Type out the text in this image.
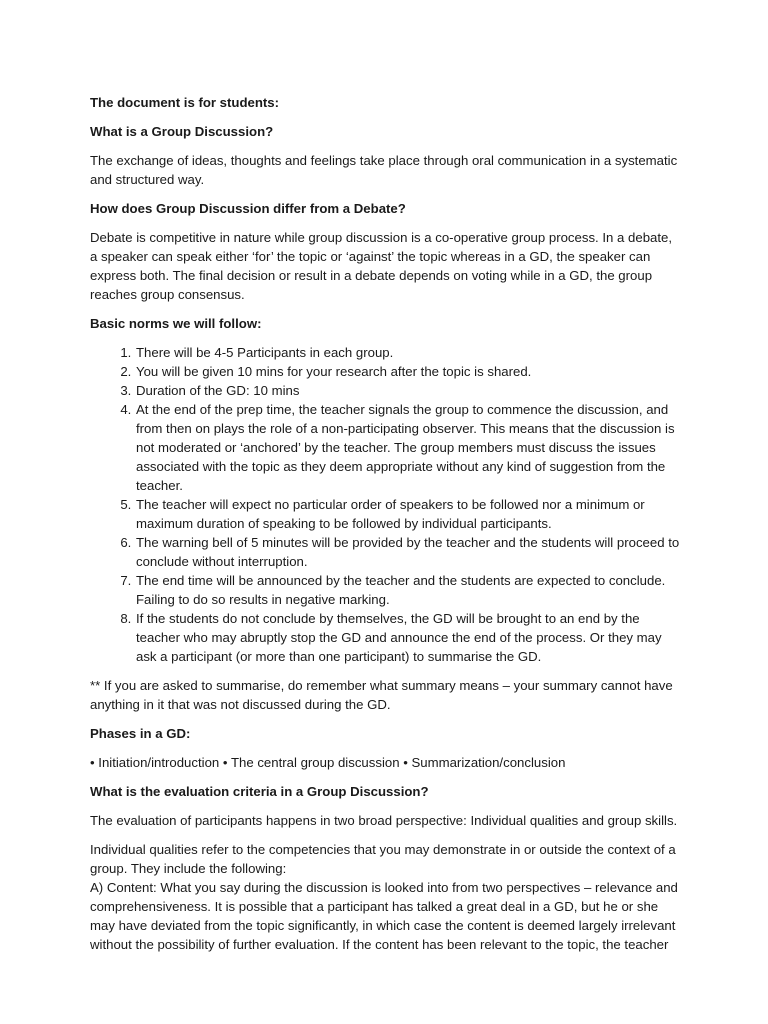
The document is for students:

What is a Group Discussion?

The exchange of ideas, thoughts and feelings take place through oral communication in a systematic and structured way.

How does Group Discussion differ from a Debate?

Debate is competitive in nature while group discussion is a co-operative group process. In a debate, a speaker can speak either ‘for’ the topic or ‘against’ the topic whereas in a GD, the speaker can express both. The final decision or result in a debate depends on voting while in a GD, the group reaches group consensus.

Basic norms we will follow:

1. There will be 4-5 Participants in each group.
2. You will be given 10 mins for your research after the topic is shared.
3. Duration of the GD: 10 mins
4. At the end of the prep time, the teacher signals the group to commence the discussion, and from then on plays the role of a non-participating observer. This means that the discussion is not moderated or ‘anchored’ by the teacher. The group members must discuss the issues associated with the topic as they deem appropriate without any kind of suggestion from the teacher.
5. The teacher will expect no particular order of speakers to be followed nor a minimum or maximum duration of speaking to be followed by individual participants.
6. The warning bell of 5 minutes will be provided by the teacher and the students will proceed to conclude without interruption.
7. The end time will be announced by the teacher and the students are expected to conclude. Failing to do so results in negative marking.
8. If the students do not conclude by themselves, the GD will be brought to an end by the teacher who may abruptly stop the GD and announce the end of the process. Or they may ask a participant (or more than one participant) to summarise the GD.

** If you are asked to summarise, do remember what summary means – your summary cannot have anything in it that was not discussed during the GD.

Phases in a GD:

• Initiation/introduction • The central group discussion • Summarization/conclusion

What is the evaluation criteria in a Group Discussion?

The evaluation of participants happens in two broad perspective: Individual qualities and group skills.

Individual qualities refer to the competencies that you may demonstrate in or outside the context of a group. They include the following:

A) Content: What you say during the discussion is looked into from two perspectives – relevance and comprehensiveness. It is possible that a participant has talked a great deal in a GD, but he or she may have deviated from the topic significantly, in which case the content is deemed largely irrelevant without the possibility of further evaluation. If the content has been relevant to the topic, the teacher
